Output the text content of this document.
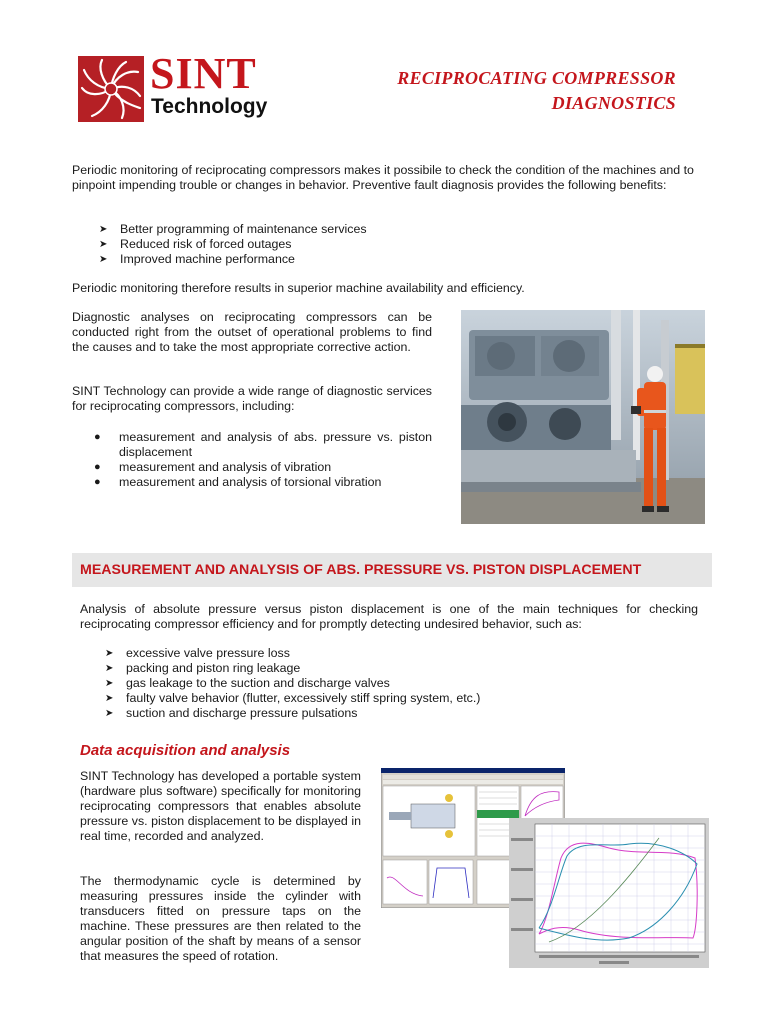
SINT
Technology
RECIPROCATING COMPRESSOR
DIAGNOSTICS
Periodic monitoring of reciprocating compressors makes it possibile to check the condition of the machines and to pinpoint impending trouble or changes in behavior. Preventive fault diagnosis provides the following benefits:
➤ Better programming of maintenance services
➤ Reduced risk of forced outages
➤ Improved machine performance
Periodic monitoring therefore results in superior machine availability and efficiency.
Diagnostic analyses on reciprocating compressors can be conducted right from the outset of operational problems to find the causes and to take the most appropriate corrective action.
SINT Technology can provide a wide range of diagnostic services for reciprocating compressors, including:
● measurement and analysis of abs. pressure vs. piston displacement
● measurement and analysis of vibration
● measurement and analysis of torsional vibration
MEASUREMENT AND ANALYSIS OF ABS. PRESSURE VS. PISTON DISPLACEMENT
Analysis of absolute pressure versus piston displacement is one of the main techniques for checking reciprocating compressor efficiency and for promptly detecting undesired behavior, such as:
➤ excessive valve pressure loss
➤ packing and piston ring leakage
➤ gas leakage to the suction and discharge valves
➤ faulty valve behavior (flutter, excessively stiff spring system, etc.)
➤ suction and discharge pressure pulsations
Data acquisition and analysis
SINT Technology has developed a portable system (hardware plus software) specifically for monitoring reciprocating compressors that enables absolute pressure vs. piston displacement to be displayed in real time, recorded and analyzed.
The thermodynamic cycle is determined by measuring pressures inside the cylinder with transducers fitted on pressure taps on the machine. These pressures are then related to the angular position of the shaft by means of a sensor that measures the speed of rotation.
